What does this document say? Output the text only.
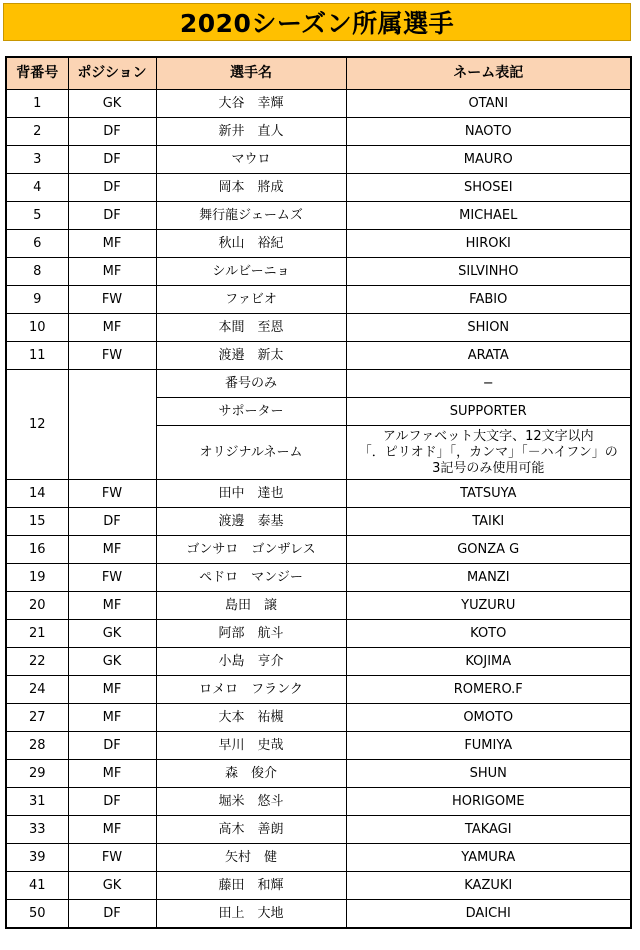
2020シーズン所属選手
背番号	ポジション	選手名	ネーム表記
1	GK	大谷　幸輝	OTANI
2	DF	新井　直人	NAOTO
3	DF	マウロ	MAURO
4	DF	岡本　將成	SHOSEI
5	DF	舞行龍ジェームズ	MICHAEL
6	MF	秋山　裕紀	HIROKI
8	MF	シルビーニョ	SILVINHO
9	FW	ファビオ	FABIO
10	MF	本間　至恩	SHION
11	FW	渡邉　新太	ARATA
12		番号のみ	−
		サポーター	SUPPORTER
		オリジナルネーム	アルファベット大文字、12文字以内
「．ピリオド」「，カンマ」「－ハイフン」の
3記号のみ使用可能

14	FW	田中　達也	TATSUYA
15	DF	渡邊　泰基	TAIKI
16	MF	ゴンサロ　ゴンザレス	GONZA G
19	FW	ペドロ　マンジー	MANZI
20	MF	島田　譲	YUZURU
21	GK	阿部　航斗	KOTO
22	GK	小島　亨介	KOJIMA
24	MF	ロメロ　フランク	ROMERO.F
27	MF	大本　祐槻	OMOTO
28	DF	早川　史哉	FUMIYA
29	MF	森　俊介	SHUN
31	DF	堀米　悠斗	HORIGOME
33	MF	高木　善朗	TAKAGI
39	FW	矢村　健	YAMURA
41	GK	藤田　和輝	KAZUKI
50	DF	田上　大地	DAICHI
